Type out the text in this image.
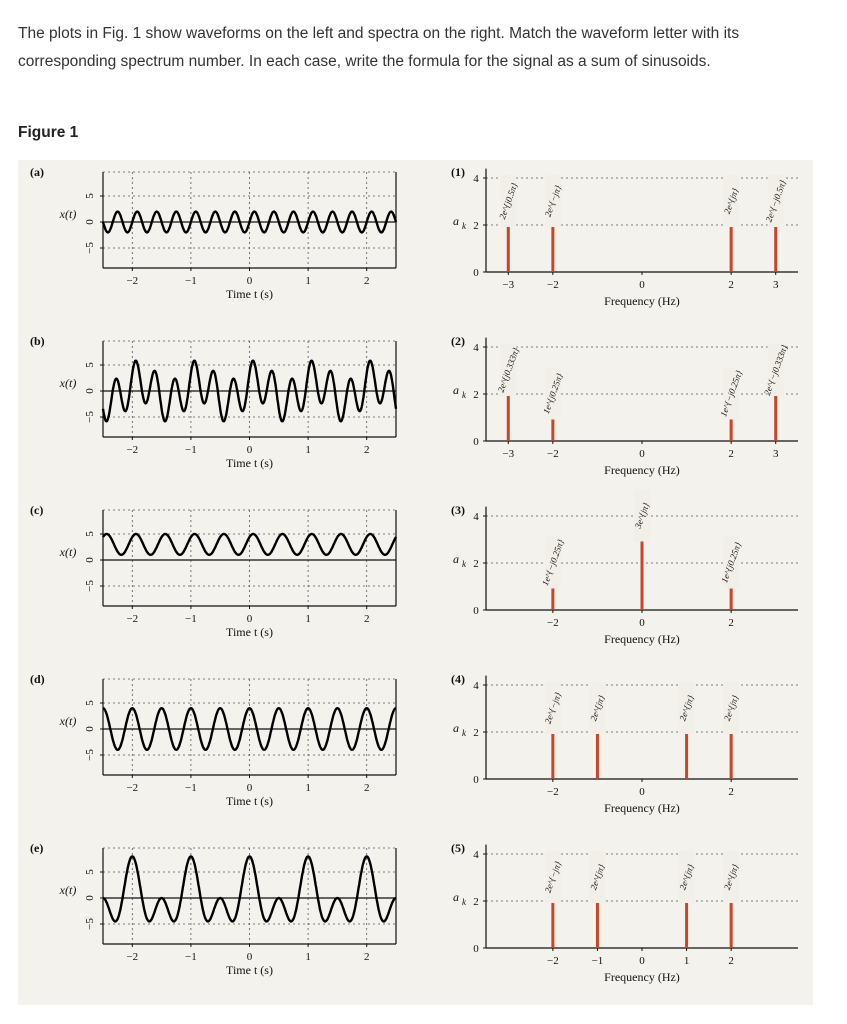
The plots in Fig. 1 show waveforms on the left and spectra on the right. Match the waveform letter with its corresponding spectrum number. In each case, write the formula for the signal as a sum of sinusoids.

Figure 1

(a)
5
0
−5
−2	−1	0	1	2
x(t)
Time t (s)
(b)
5
0
−5
−2	−1	0	1	2
x(t)
Time t (s)
(c)
5
0
−5
−2	−1	0	1	2
x(t)
Time t (s)
(d)
5
0
−5
−2	−1	0	1	2
x(t)
Time t (s)
(e)
5
0
−5
−2	−1	0	1	2
x(t)
Time t (s)
(1) 4
2
0
a k
−3	−2	0	2	3
Frequency (Hz)
2e^{j0.5π}	2e^{−jπ}	2e^{jπ}	2e^{−j0.5π}
(2) 4
2
0
a k
−3	−2	0	2	3
Frequency (Hz)
2e^{j0.333π} 1e^{j0.25π}	1e^{−j0.25π} 2e^{−j0.333π}
(3) 4
2
0
a k
−2	0	2
Frequency (Hz)
1e^{−j0.25π}
3e^{jπ}
1e^{j0.25π}
(4) 4
2
0
a k
−2	0	2
Frequency (Hz)
2e^{−jπ}	2e^{jπ}	2e^{jπ}	2e^{jπ}
(5) 4
2
0
a k
−2	−1	0	1	2
Frequency (Hz)
2e^{−jπ}	2e^{jπ}	2e^{jπ}	2e^{jπ}
